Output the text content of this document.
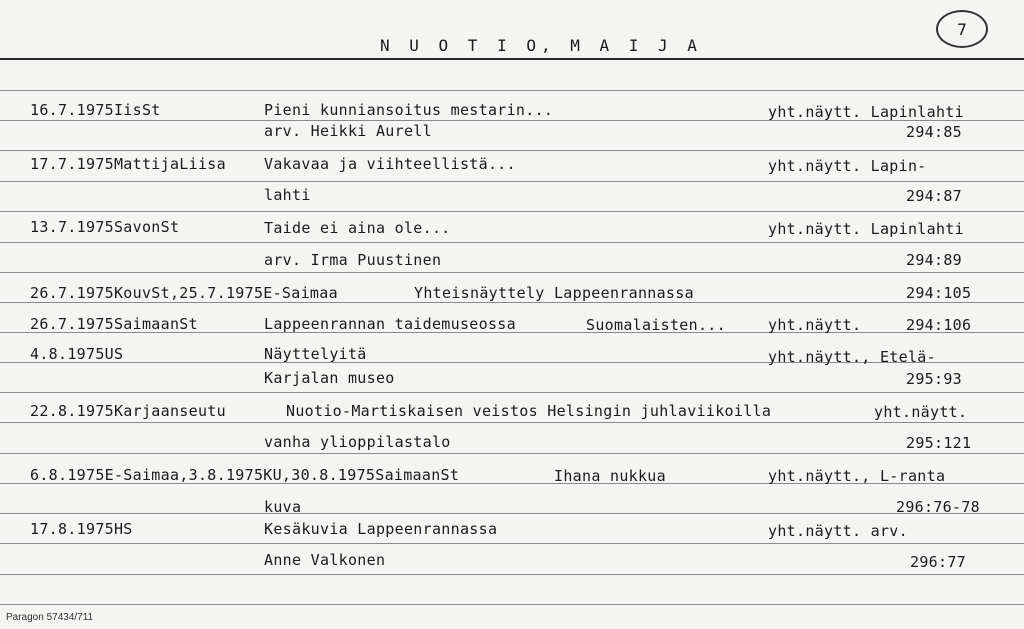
N U O T I O, M A I J A
7
16.7.1975IisSt	Pieni kunniansoitus mestarin...	yht.näytt. Lapinlahti
arv. Heikki Aurell	294:85
17.7.1975MattijaLiisa	Vakavaa ja viihteellistä...	yht.näytt. Lapin-
lahti	294:87
13.7.1975SavonSt	Taide ei aina ole...	yht.näytt. Lapinlahti
arv. Irma Puustinen	294:89
26.7.1975KouvSt,25.7.1975E-Saimaa	Yhteisnäyttely Lappeenrannassa	294:105
26.7.1975SaimaanSt	Lappeenrannan taidemuseossa	Suomalaisten...	yht.näytt.	294:106
4.8.1975US	Näyttelyitä	yht.näytt., Etelä-
Karjalan museo	295:93
22.8.1975Karjaanseutu	Nuotio-Martiskaisen veistos Helsingin juhlaviikoilla	yht.näytt.
vanha ylioppilastalo	295:121
6.8.1975E-Saimaa,3.8.1975KU,30.8.1975SaimaanSt	Ihana nukkua	yht.näytt., L-ranta
kuva	296:76-78
17.8.1975HS	Kesäkuvia Lappeenrannassa	yht.näytt. arv.
Anne Valkonen	296:77
Paragon 57434/711
